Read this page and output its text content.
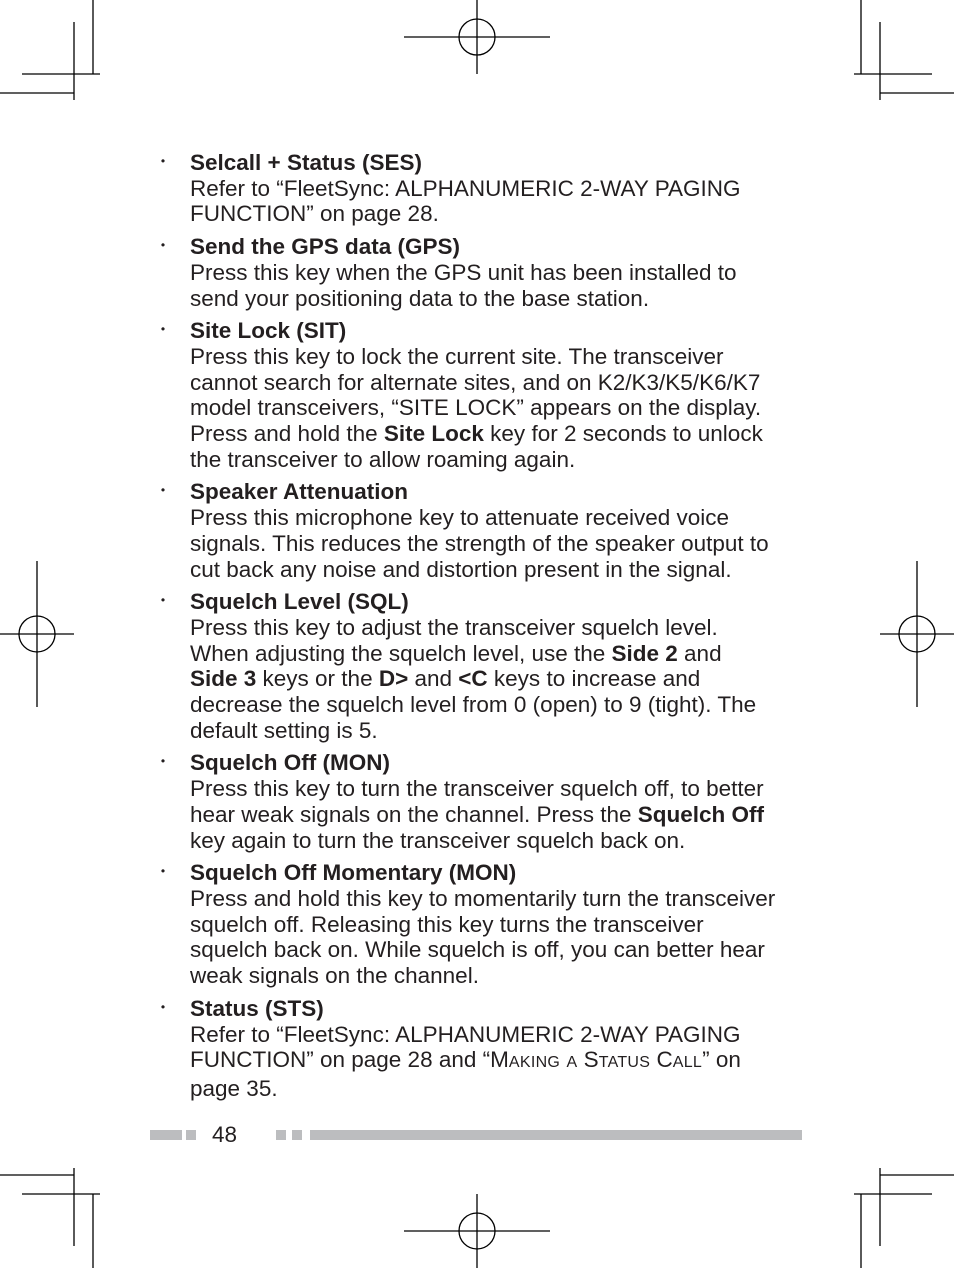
・ Selcall + Status (SES)
Refer to “FleetSync: ALPHANUMERIC 2-WAY PAGING
FUNCTION” on page 28.
・ Send the GPS data (GPS)
Press this key when the GPS unit has been installed to
send your positioning data to the base station.
・ Site Lock (SIT)
Press this key to lock the current site. The transceiver
cannot search for alternate sites, and on K2/K3/K5/K6/K7
model transceivers, “SITE LOCK” appears on the display.
Press and hold the Site Lock key for 2 seconds to unlock
the transceiver to allow roaming again.
・ Speaker Attenuation
Press this microphone key to attenuate received voice
signals. This reduces the strength of the speaker output to
cut back any noise and distortion present in the signal.
・ Squelch Level (SQL)
Press this key to adjust the transceiver squelch level.
When adjusting the squelch level, use the Side 2 and
Side 3 keys or the D> and <C keys to increase and
decrease the squelch level from 0 (open) to 9 (tight). The
default setting is 5.
・ Squelch Off (MON)
Press this key to turn the transceiver squelch off, to better
hear weak signals on the channel. Press the Squelch Off
key again to turn the transceiver squelch back on.
・ Squelch Off Momentary (MON)
Press and hold this key to momentarily turn the transceiver
squelch off. Releasing this key turns the transceiver
squelch back on. While squelch is off, you can better hear
weak signals on the channel.
・ Status (STS)
Refer to “FleetSync: ALPHANUMERIC 2-WAY PAGING
FUNCTION” on page 28 and “MAKING A STATUS CALL” on
page 35.
48
